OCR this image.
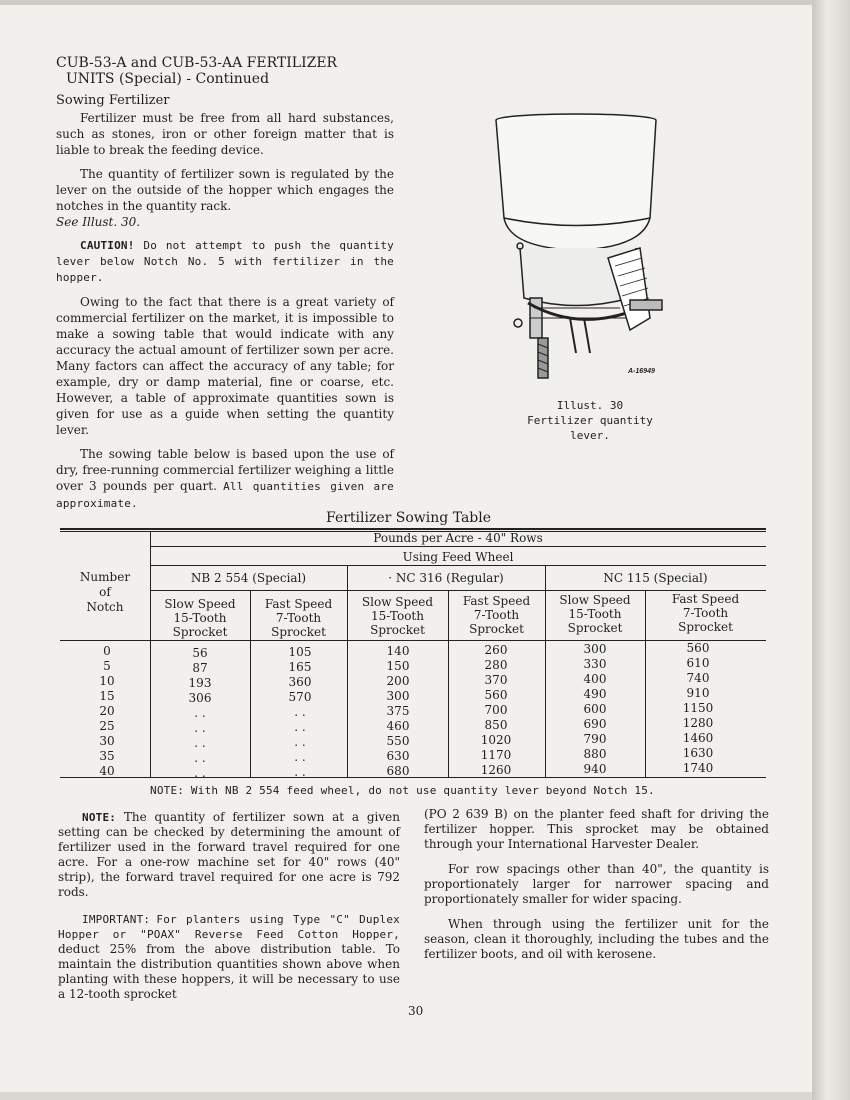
CUB-53-A and CUB-53-AA FERTILIZER
UNITS (Special) - Continued
Sowing Fertilizer

Fertilizer must be free from all hard substances, such as stones, iron or other foreign matter that is liable to break the feeding device.

The quantity of fertilizer sown is regulated by the lever on the outside of the hopper which engages the notches in the quantity rack.
See Illust. 30.

CAUTION! Do not attempt to push the quantity lever below Notch No. 5 with fertilizer in the hopper.

Owing to the fact that there is a great variety of commercial fertilizer on the market, it is impossible to make a sowing table that would indicate with any accuracy the actual amount of fertilizer sown per acre. Many factors can affect the accuracy of any table; for example, dry or damp material, fine or coarse, etc. However, a table of approximate quantities sown is given for use as a guide when setting the quantity lever.

The sowing table below is based upon the use of dry, free-running commercial fertilizer weighing a little over 3 pounds per quart. All quantities given are approximate.

A-16949
Illust. 30
Fertilizer quantity
lever.
Fertilizer Sowing Table
Pounds per Acre - 40" Rows
Using Feed Wheel
Number
of
Notch
NB 2 554 (Special)	· NC 316 (Regular)	NC 115 (Special)
Slow Speed
15-Tooth
Sprocket
Fast Speed
7-Tooth
Sprocket
Slow Speed
15-Tooth
Sprocket
Fast Speed
7-Tooth
Sprocket
Slow Speed
15-Tooth
Sprocket
Fast Speed
7-Tooth
Sprocket
0
5
10
15
20
25
30
35
40
56
87
193
306
. .
. .
. .
. .
. .
105
165
360
570
. .
. .
. .
. .
. .
140
150
200
300
375
460
550
630
680
260
280
370
560
700
850
1020
1170
1260
300
330
400
490
600
690
790
880
940
560
610
740
910
1150
1280
1460
1630
1740
NOTE: With NB 2 554 feed wheel, do not use quantity lever beyond Notch 15.

NOTE: The quantity of fertilizer sown at a given setting can be checked by determining the amount of fertilizer used in the forward travel required for one acre. For a one-row machine set for 40" rows (40" strip), the forward travel required for one acre is 792 rods.

IMPORTANT: For planters using Type "C" Duplex Hopper or "POAX" Reverse Feed Cotton Hopper, deduct 25% from the above distribution table. To maintain the distribution quantities shown above when planting with these hoppers, it will be necessary to use a 12-tooth sprocket

(PO 2 639 B) on the planter feed shaft for driving the fertilizer hopper. This sprocket may be obtained through your International Harvester Dealer.

For row spacings other than 40", the quantity is proportionately larger for narrower spacing and proportionately smaller for wider spacing.

When through using the fertilizer unit for the season, clean it thoroughly, including the tubes and the fertilizer boots, and oil with kerosene.

30
